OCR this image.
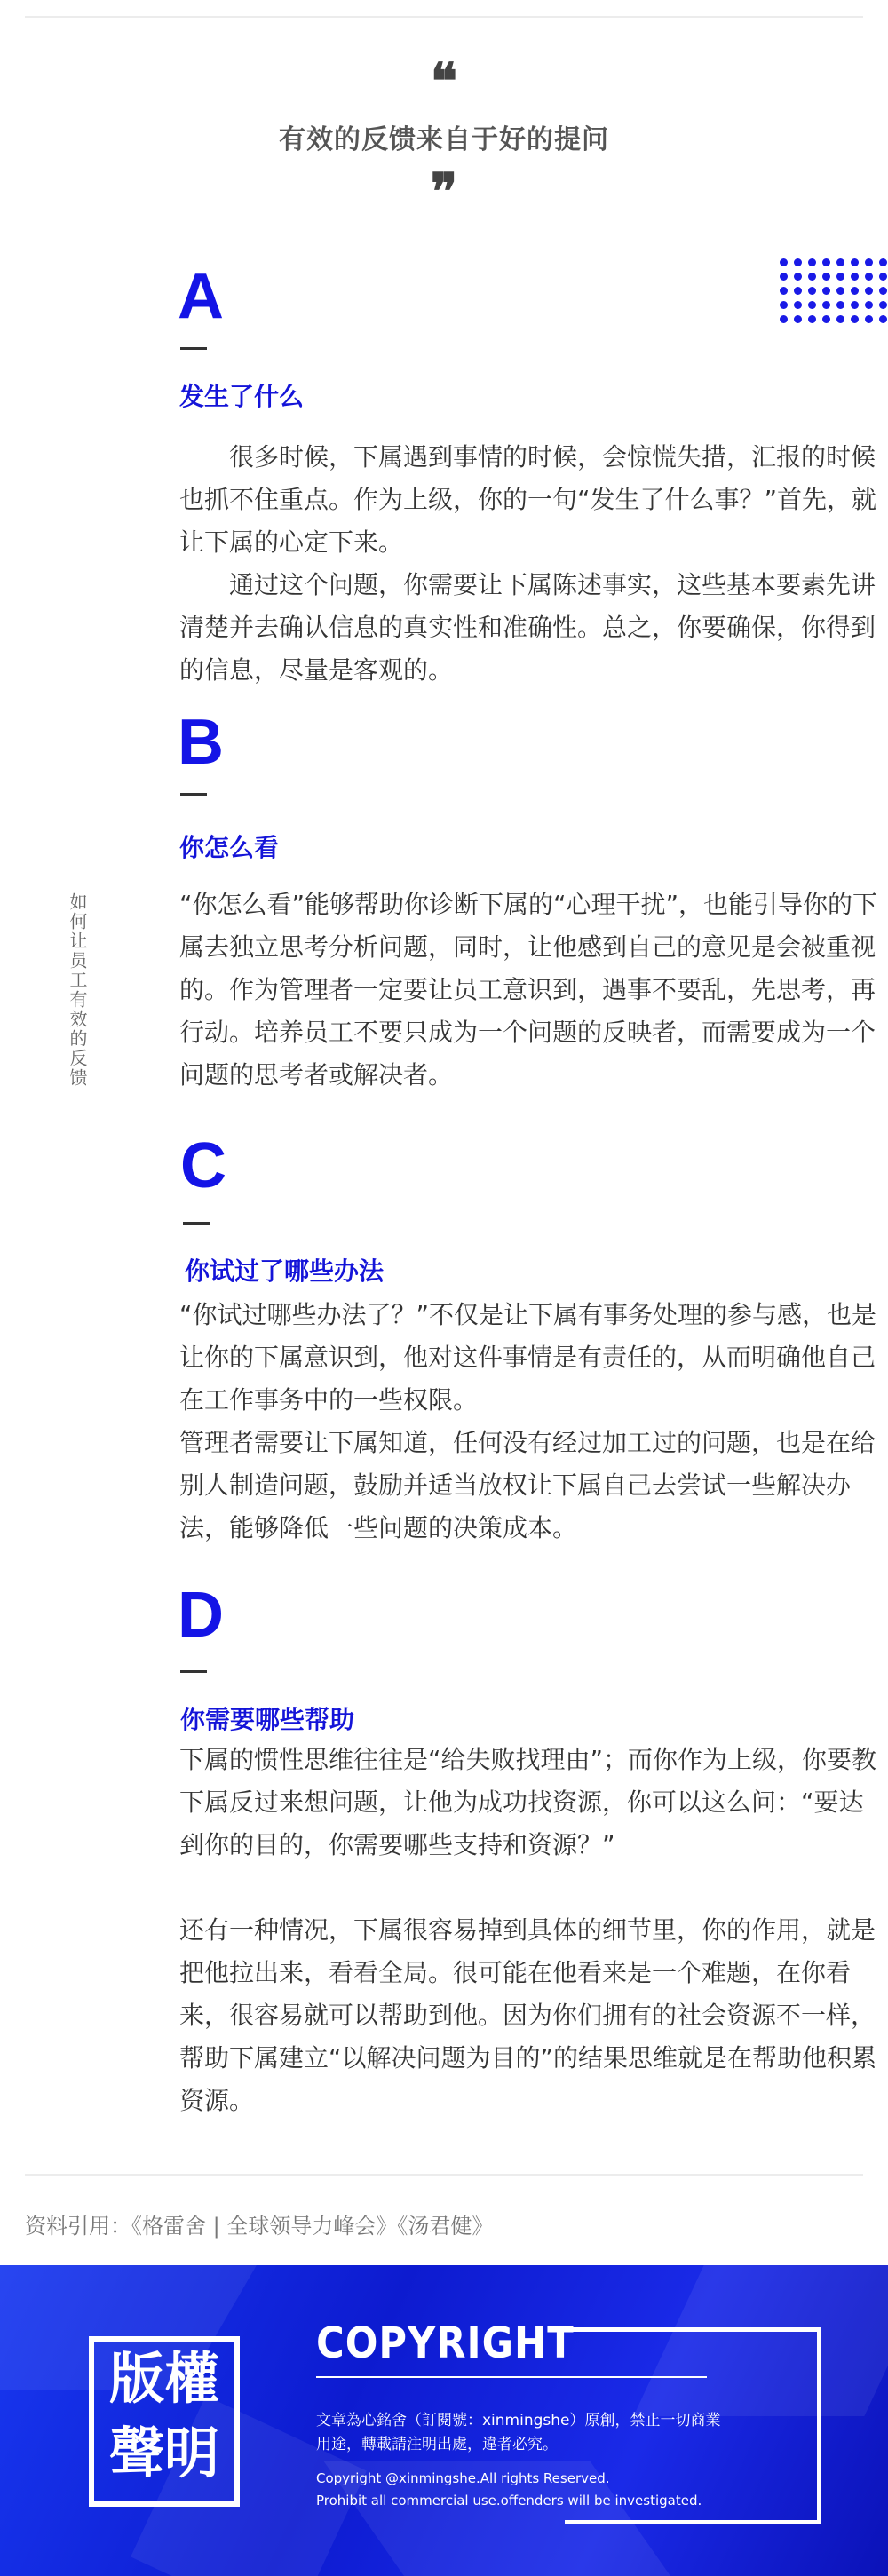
❝
有效的反馈来自于好的提问
❞
如何让员工有效的反馈
A
发生了什么

很多时候，下属遇到事情的时候，会惊慌失措，汇报的时候也抓不住重点。作为上级，你的一句“发生了什么事？”首先，就让下属的心定下来。

通过这个问题，你需要让下属陈述事实，这些基本要素先讲清楚并去确认信息的真实性和准确性。总之，你要确保，你得到的信息，尽量是客观的。

B
你怎么看

“你怎么看”能够帮助你诊断下属的“心理干扰”，也能引导你的下属去独立思考分析问题，同时，让他感到自己的意见是会被重视的。作为管理者一定要让员工意识到，遇事不要乱，先思考，再行动。培养员工不要只成为一个问题的反映者，而需要成为一个问题的思考者或解决者。

C
你试过了哪些办法

“你试过哪些办法了？”不仅是让下属有事务处理的参与感，也是让你的下属意识到，他对这件事情是有责任的，从而明确他自己在工作事务中的一些权限。

管理者需要让下属知道，任何没有经过加工过的问题，也是在给别人制造问题，鼓励并适当放权让下属自己去尝试一些解决办法，能够降低一些问题的决策成本。

D
你需要哪些帮助

下属的惯性思维往往是“给失败找理由”；而你作为上级，你要教下属反过来想问题，让他为成功找资源，你可以这么问：“要达到你的目的，你需要哪些支持和资源？”

还有一种情况，下属很容易掉到具体的细节里，你的作用，就是把他拉出来，看看全局。很可能在他看来是一个难题，在你看来，很容易就可以帮助到他。因为你们拥有的社会资源不一样，帮助下属建立“以解决问题为目的”的结果思维就是在帮助他积累资源。

资料引用：《格雷舍 | 全球领导力峰会》《汤君健》
版權
聲明
COPYRIGHT
文章為心銘舍（訂閱號：xinmingshe）原創，禁止一切商業
用途，轉載請注明出處，違者必究。
Copyright @xinmingshe.All rights Reserved.
Prohibit all commercial use.offenders will be investigated.
